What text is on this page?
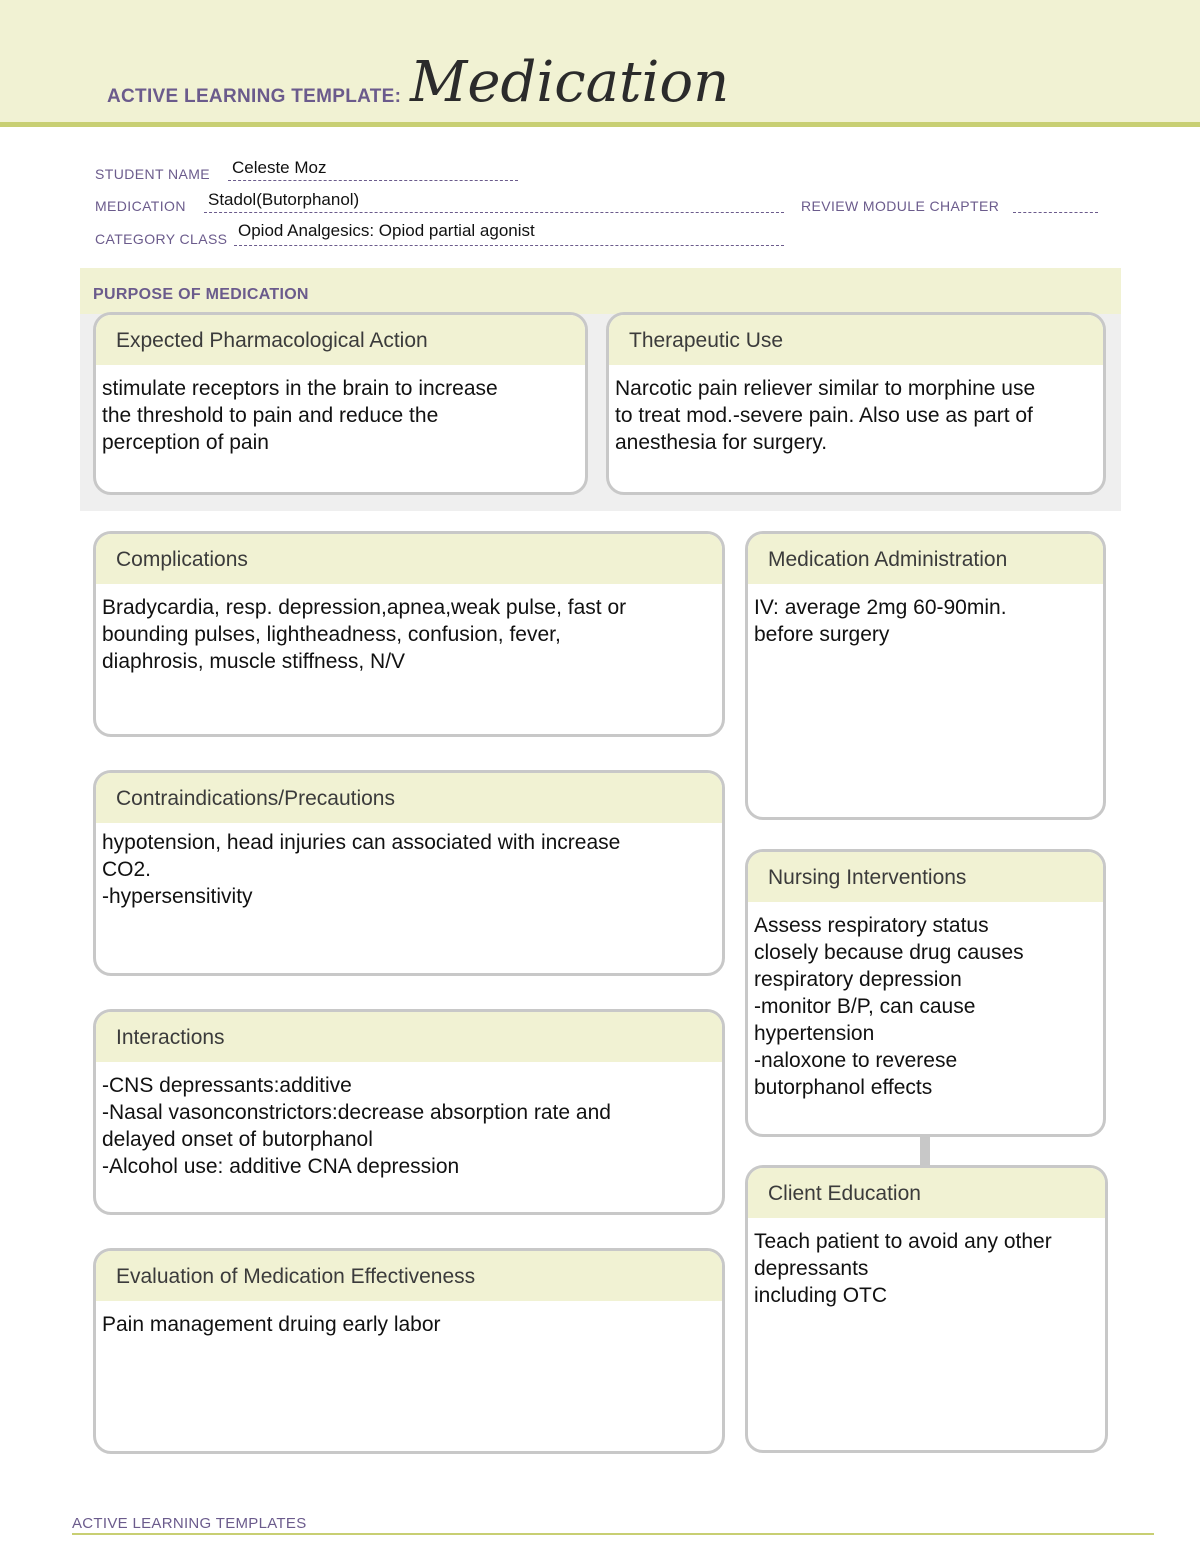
ACTIVE LEARNING TEMPLATE: Medication
STUDENT NAME Celeste Moz
MEDICATION Stadol(Butorphanol)	REVIEW MODULE CHAPTER
CATEGORY CLASS Opiod Analgesics: Opiod partial agonist
PURPOSE OF MEDICATION
Expected Pharmacological Action
stimulate receptors in the brain to increase
the threshold to pain and reduce the
perception of pain
Therapeutic Use
Narcotic pain reliever similar to morphine use
to treat mod.-severe pain. Also use as part of
anesthesia for surgery.
Complications
Bradycardia, resp. depression,apnea,weak pulse, fast or
bounding pulses, lightheadness, confusion, fever,
diaphrosis, muscle stiffness, N/V
Contraindications/Precautions
hypotension, head injuries can associated with increase
CO2.
-hypersensitivity
Interactions
-CNS depressants:additive
-Nasal vasonconstrictors:decrease absorption rate and
delayed onset of butorphanol
-Alcohol use: additive CNA depression
Evaluation of Medication Effectiveness
Pain management druing early labor
Medication Administration
IV: average 2mg 60-90min.
before surgery
Nursing Interventions
Assess respiratory status
closely because drug causes
respiratory depression
-monitor B/P, can cause
hypertension
-naloxone to reverese
butorphanol effects
Client Education
Teach patient to avoid any other
depressants
including OTC
ACTIVE LEARNING TEMPLATES
